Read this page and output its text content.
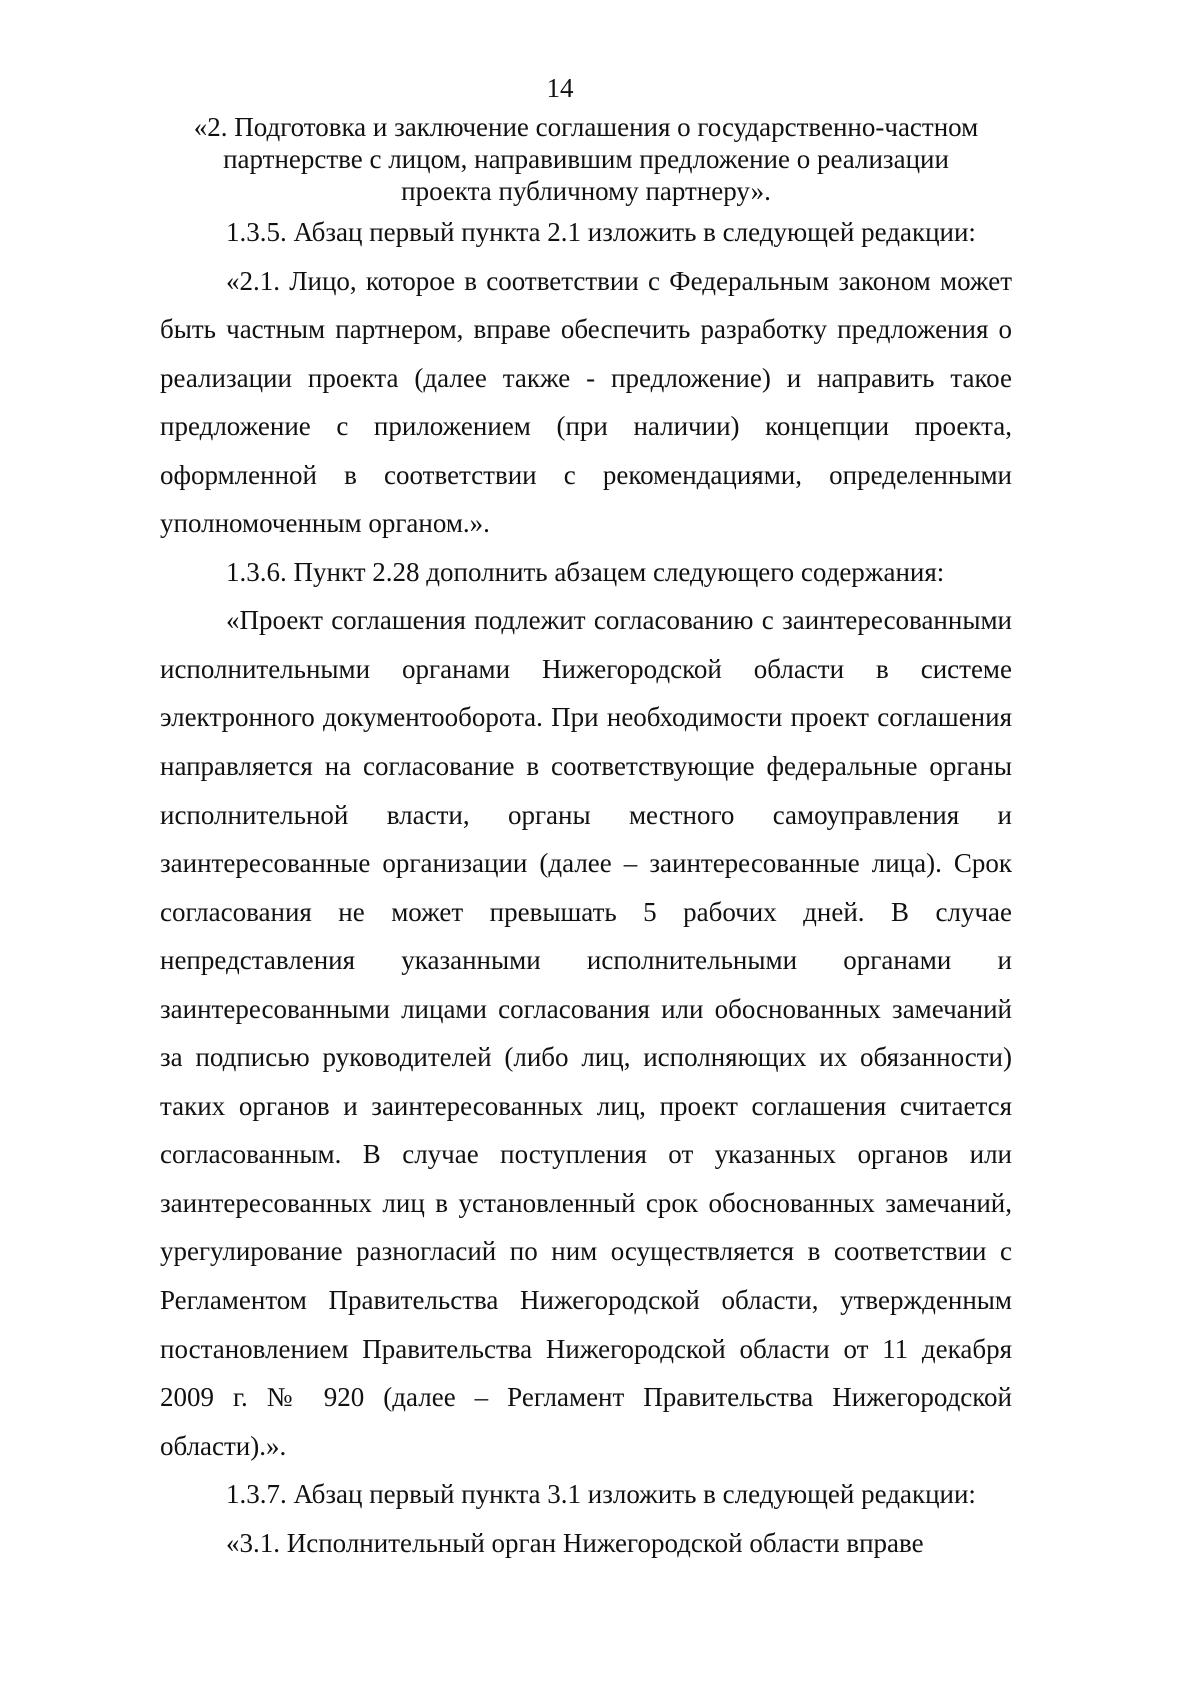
14
«2. Подготовка и заключение соглашения о государственно-частном
партнерстве с лицом, направившим предложение о реализации
проекта публичному партнеру».

1.3.5. Абзац первый пункта 2.1 изложить в следующей редакции:

«2.1. Лицо, которое в соответствии с Федеральным законом может быть частным партнером, вправе обеспечить разработку предложения о реализации проекта (далее также - предложение) и направить такое предложение с приложением (при наличии) концепции проекта, оформленной в соответствии с рекомендациями, определенными уполномоченным органом.».

1.3.6. Пункт 2.28 дополнить абзацем следующего содержания:

«Проект соглашения подлежит согласованию с заинтересованными исполнительными органами Нижегородской области в системе электронного документооборота. При необходимости проект соглашения направляется на согласование в соответствующие федеральные органы исполнительной власти, органы местного самоуправления и заинтересованные организации (далее – заинтересованные лица). Срок согласования не может превышать 5 рабочих дней. В случае непредставления указанными исполнительными органами и заинтересованными лицами согласования или обоснованных замечаний за подписью руководителей (либо лиц, исполняющих их обязанности) таких органов и заинтересованных лиц, проект соглашения считается согласованным. В случае поступления от указанных органов или заинтересованных лиц в установленный срок обоснованных замечаний, урегулирование разногласий по ним осуществляется в соответствии с Регламентом Правительства Нижегородской области, утвержденным постановлением Правительства Нижегородской области от 11 декабря 2009 г. № 920 (далее – Регламент Правительства Нижегородской области).».

1.3.7. Абзац первый пункта 3.1 изложить в следующей редакции:

«3.1. Исполнительный орган Нижегородской области вправе
